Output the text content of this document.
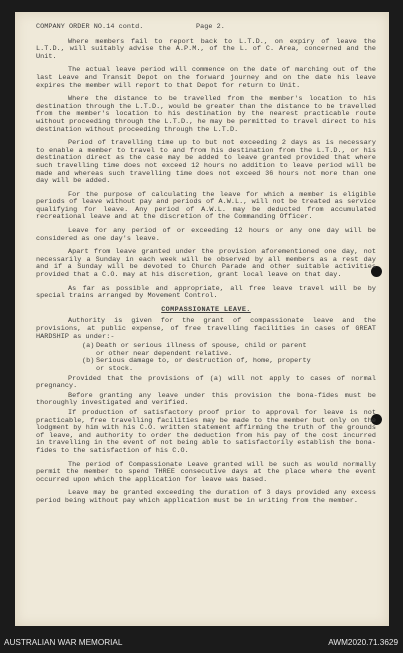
COMPANY ORDER NO.14 contd.	Page 2.

Where members fail to report back to L.T.D., on expiry of leave the L.T.D., will suitably advise the A.P.M., of the L. of C. Area, concerned and the Unit.

The actual leave period will commence on the date of marching out of the last Leave and Transit Depot on the forward journey and on the date his leave expires the member will report to that Depot for return to Unit.

Where the distance to be travelled from the member's location to his destination through the L.T.D., would be greater than the distance to be travelled from the member's location to his destination by the nearest practicable route without proceeding through the L.T.D., he may be permitted to travel direct to his destination without proceeding through the L.T.D.

Period of travelling time up to but not exceeding 2 days as is necessary to enable a member to travel to and from his destination from the L.T.D., or his destination direct as the case may be added to leave granted provided that where such travelling time does not exceed 12 hours no addition to leave period will be made and whereas such travelling time does not exceed 36 hours not more than one day will be added.

For the purpose of calculating the leave for which a member is eligible periods of leave without pay and periods of A.W.L., will not be treated as service qualifying for leave. Any period of A.W.L. may be deducted from accumulated recreational leave and at the discretion of the Commanding Officer.

Leave for any period of or exceeding 12 hours or any one day will be considered as one day's leave.

Apart from leave granted under the provision aforementioned one day, not necessarily a Sunday in each week will be observed by all members as a rest day and if a Sunday will be devoted to Church Parade and other suitable activities provided that a C.O. may at his discretion, grant local leave on that day.

As far as possible and appropriate, all free leave travel will be by special trains arranged by Movement Control.

COMPASSIONATE LEAVE.

Authority is given for the grant of compassionate leave and the provisions, at public expense, of free travelling facilities in cases of GREAT HARDSHIP as under:-

(a) Death or serious illness of spouse, child or parent
or other near dependent relative.
(b) Serious damage to, or destruction of, home, property
or stock.

Provided that the provisions of (a) will not apply to cases of normal pregnancy.

Before granting any leave under this provision the bona-fides must be thoroughly investigated and verified.

If production of satisfactory proof prior to approval for leave is not practicable, free travelling facilities may be made to the member but only on the lodgment by him with his C.O. written statement affirming the truth of the grounds of leave, and authority to order the deduction from his pay of the cost incurred in travelling in the event of not being able to satisfactorily establish the bona-fides to the satisfaction of his C.O.

The period of Compassionate Leave granted will be such as would normally permit the member to spend THREE consecutive days at the place where the event occurred upon which the application for leave was based.

Leave may be granted exceeding the duration of 3 days provided any excess period being without pay which application must be in writing from the member.

AUSTRALIAN WAR MEMORIAL	AWM2020.71.3629
